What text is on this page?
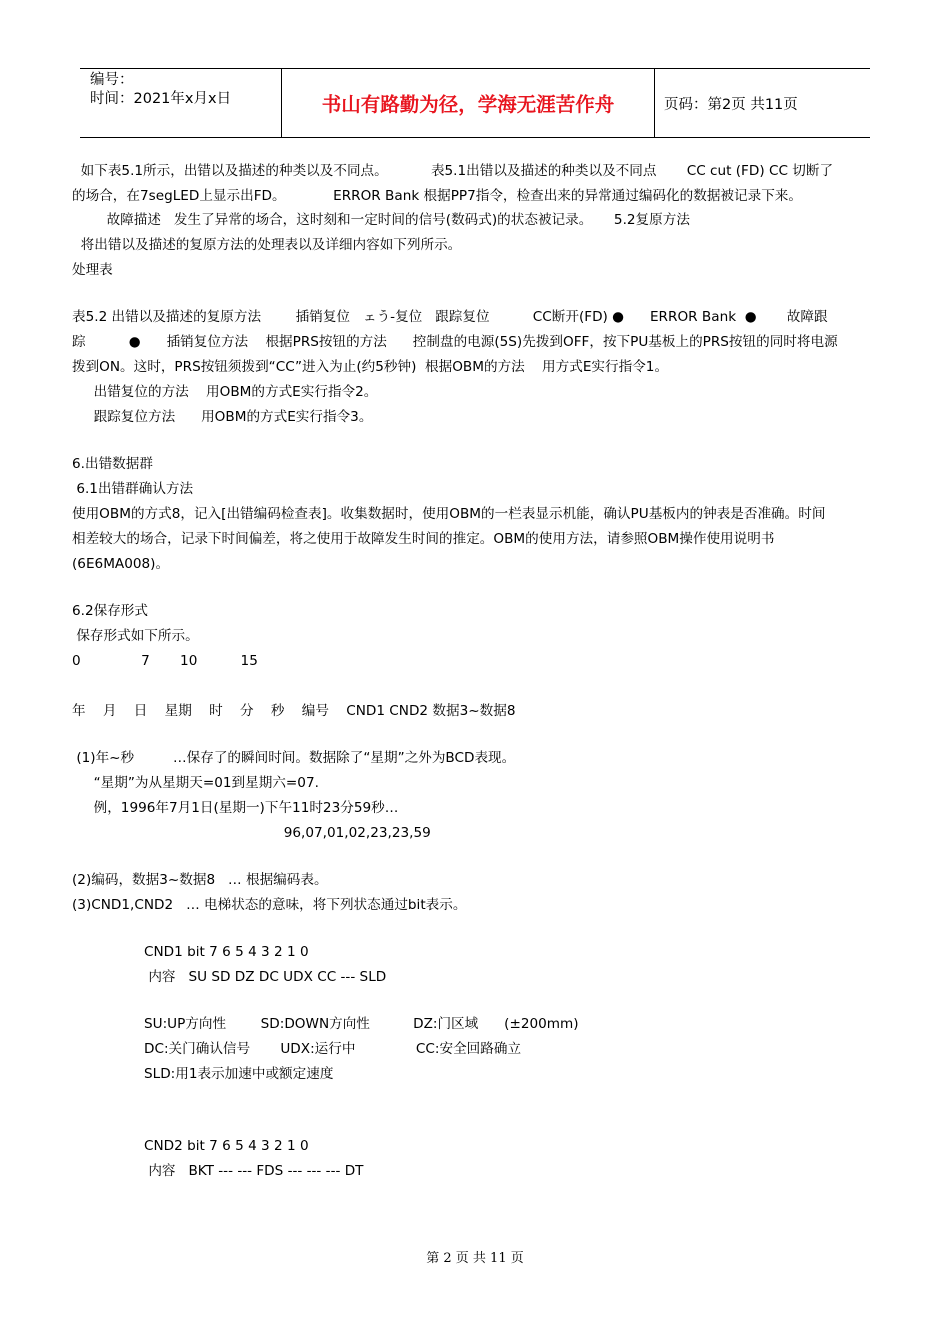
编号：
时间：2021年x月x日	书山有路勤为径，学海无涯苦作舟	页码：第2页 共11页
如下表5.1所示，出错以及描述的种类以及不同点。          表5.1出错以及描述的种类以及不同点       CC cut (FD) CC 切断了
的场合，在7segLED上显示出FD。           ERROR Bank 根据PP7指令，检查出来的异常通过编码化的数据被记录下来。
故障描述   发生了异常的场合，这时刻和一定时间的信号(数码式)的状态被记录。     5.2复原方法
将出错以及描述的复原方法的处理表以及详细内容如下列所示。
处理表
表5.2 出错以及描述的复原方法        插销复位   ェう-复位   跟踪复位          CC断开(FD) ●      ERROR Bank  ●       故障跟
踪          ●      插销复位方法    根据PRS按钮的方法      控制盘的电源(5S)先拨到OFF，按下PU基板上的PRS按钮的同时将电源
拨到ON。这时，PRS按钮须拨到“CC”进入为止(约5秒钟)  根据OBM的方法    用方式E实行指令1。
出错复位的方法    用OBM的方式E实行指令2。
跟踪复位方法      用OBM的方式E实行指令3。
6.出错数据群
6.1出错群确认方法
使用OBM的方式8，记入[出错编码检查表]。收集数据时，使用OBM的一栏表显示机能，确认PU基板内的钟表是否准确。时间
相差较大的场合，记录下时间偏差，将之使用于故障发生时间的推定。OBM的使用方法，请参照OBM操作使用说明书
(6E6MA008)。
6.2保存形式
保存形式如下所示。
0              7       10          15
年    月    日    星期    时    分    秒    编号    CND1 CND2 数据3~数据8
(1)年~秒         …保存了的瞬间时间。数据除了“星期”之外为BCD表现。
“星期”为从星期天=01到星期六=07.
例，1996年7月1日(星期一)下午11时23分59秒…
96,07,01,02,23,23,59
(2)编码，数据3~数据8   … 根据编码表。
(3)CND1,CND2   … 电梯状态的意味，将下列状态通过bit表示。
CND1 bit 7 6 5 4 3 2 1 0
内容   SU SD DZ DC UDX CC --- SLD
SU:UP方向性        SD:DOWN方向性          DZ:门区域      (±200mm)
DC:关门确认信号       UDX:运行中              CC:安全回路确立
SLD:用1表示加速中或额定速度
CND2 bit 7 6 5 4 3 2 1 0
内容   BKT --- --- FDS --- --- --- DT
第 2 页 共 11 页
